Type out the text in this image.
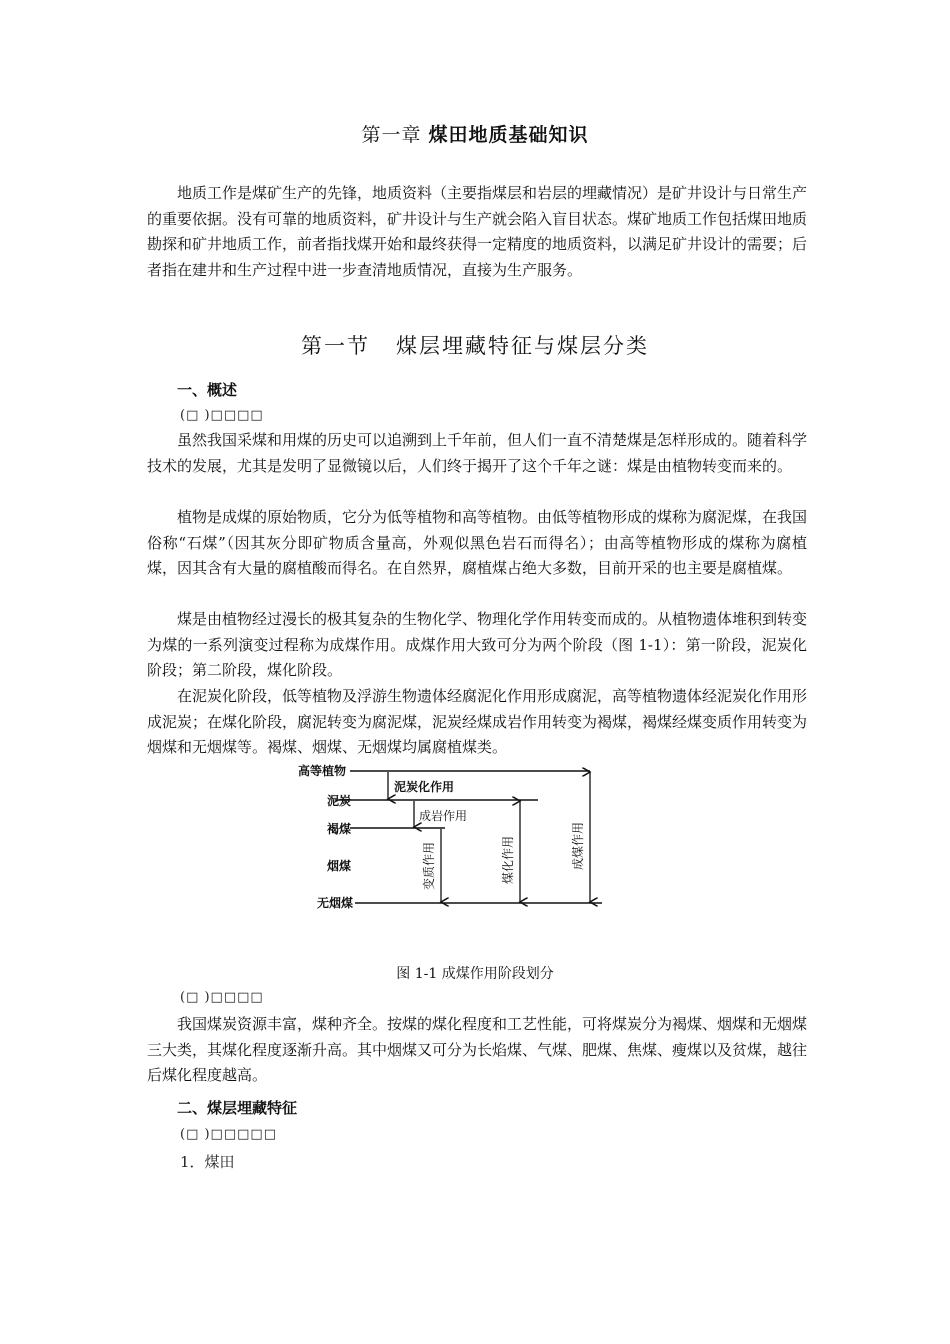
第一章 煤田地质基础知识

地质工作是煤矿生产的先锋，地质资料（主要指煤层和岩层的埋藏情况）是矿井设计与日常生产的重要依据。没有可靠的地质资料，矿井设计与生产就会陷入盲目状态。煤矿地质工作包括煤田地质勘探和矿井地质工作，前者指找煤开始和最终获得一定精度的地质资料，以满足矿井设计的需要；后者指在建井和生产过程中进一步查清地质情况，直接为生产服务。

第一节 煤层埋藏特征与煤层分类
一、概述
(□ )□□□□

虽然我国采煤和用煤的历史可以追溯到上千年前，但人们一直不清楚煤是怎样形成的。随着科学技术的发展，尤其是发明了显微镜以后，人们终于揭开了这个千年之谜：煤是由植物转变而来的。

植物是成煤的原始物质，它分为低等植物和高等植物。由低等植物形成的煤称为腐泥煤，在我国俗称“石煤”（因其灰分即矿物质含量高，外观似黑色岩石而得名）；由高等植物形成的煤称为腐植煤，因其含有大量的腐植酸而得名。在自然界，腐植煤占绝大多数，目前开采的也主要是腐植煤。

煤是由植物经过漫长的极其复杂的生物化学、物理化学作用转变而成的。从植物遗体堆积到转变为煤的一系列演变过程称为成煤作用。成煤作用大致可分为两个阶段（图 1-1）：第一阶段，泥炭化阶段；第二阶段，煤化阶段。

在泥炭化阶段，低等植物及浮游生物遗体经腐泥化作用形成腐泥，高等植物遗体经泥炭化作用形成泥炭；在煤化阶段，腐泥转变为腐泥煤，泥炭经煤成岩作用转变为褐煤，褐煤经煤变质作用转变为烟煤和无烟煤等。褐煤、烟煤、无烟煤均属腐植煤类。

高等植物
泥炭
褐煤
烟煤
无烟煤
泥炭化作用
成岩作用
变质作用	煤化作用	成煤作用
图 1-1 成煤作用阶段划分
(□ )□□□□

我国煤炭资源丰富，煤种齐全。按煤的煤化程度和工艺性能，可将煤炭分为褐煤、烟煤和无烟煤三大类，其煤化程度逐渐升高。其中烟煤又可分为长焰煤、气煤、肥煤、焦煤、瘦煤以及贫煤，越往后煤化程度越高。

二、煤层埋藏特征
(□ )□□□□□
1．煤田
